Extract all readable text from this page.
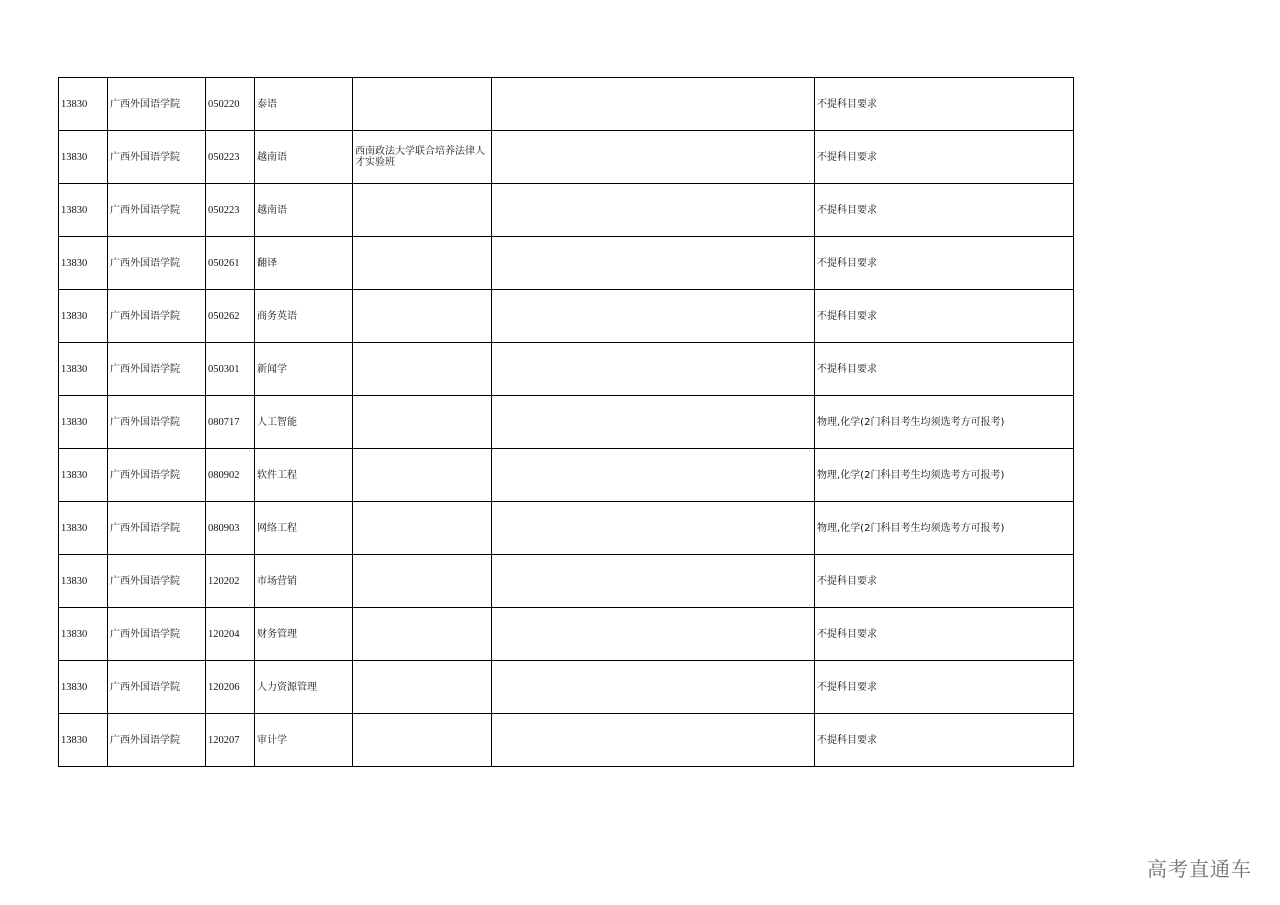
13830	广西外国语学院	050220	泰语			不提科目要求
13830	广西外国语学院	050223	越南语	西南政法大学联合培养法律人才实验班		不提科目要求
13830	广西外国语学院	050223	越南语			不提科目要求
13830	广西外国语学院	050261	翻译			不提科目要求
13830	广西外国语学院	050262	商务英语			不提科目要求
13830	广西外国语学院	050301	新闻学			不提科目要求
13830	广西外国语学院	080717	人工智能			物理,化学(2门科目考生均须选考方可报考)
13830	广西外国语学院	080902	软件工程			物理,化学(2门科目考生均须选考方可报考)
13830	广西外国语学院	080903	网络工程			物理,化学(2门科目考生均须选考方可报考)
13830	广西外国语学院	120202	市场营销			不提科目要求
13830	广西外国语学院	120204	财务管理			不提科目要求
13830	广西外国语学院	120206	人力资源管理			不提科目要求
13830	广西外国语学院	120207	审计学			不提科目要求
高考直通车
